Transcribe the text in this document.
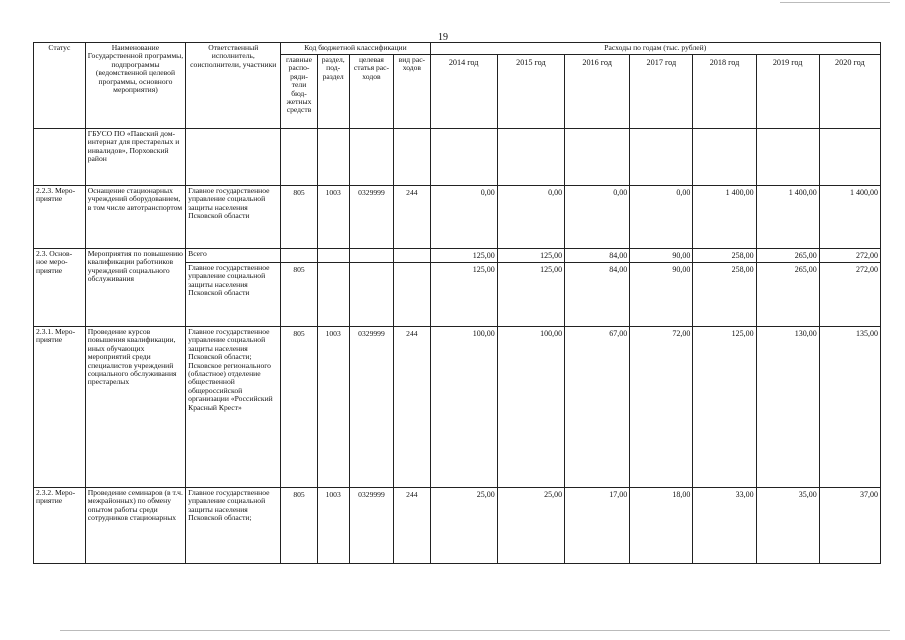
19
Статус	Наименование Государственной программы, подпрограммы (ведомственной целевой программы, основного мероприятия)	Ответственный исполнитель, соисполнители, участники	Код бюджетной классификации				Расходы по годам (тыс. рублей)						
			главные распо-ряди-тели бюд-жетных средств	раздел, под-раздел	целевая статья рас-ходов	вид рас-ходов	2014 год	2015 год	2016 год	2017 год	2018 год	2019 год	2020 год
	ГБУСО ПО «Павский дом-интернат для престарелых и инвалидов», Порховский район												
2.2.3. Меро-приятие	Оснащение стационарных учреждений оборудованием, в том числе автотранспортом	Главное государственное управление социальной защиты населения Псковской области	805	1003	0329999	244	0,00	0,00	0,00	0,00	1 400,00	1 400,00	1 400,00
2.3. Основ-ное меро-приятие	Мероприятия по повышению квалификации работников учреждений социального обслуживания	Всего					125,00	125,00	84,00	90,00	258,00	265,00	272,00
		Главное государственное управление социальной защиты населения Псковской области	805				125,00	125,00	84,00	90,00	258,00	265,00	272,00
2.3.1. Меро-приятие	Проведение курсов повышения квалификации, иных обучающих мероприятий среди специалистов учреждений социального обслуживания престарелых	Главное государственное управление социальной защиты населения Псковской области; Псковское регионального (областное) отделение общественной общероссийской организации «Российский Красный Крест»	805	1003	0329999	244	100,00	100,00	67,00	72,00	125,00	130,00	135,00
2.3.2. Меро-приятие	Проведение семинаров (в т.ч. межрайонных) по обмену опытом работы среди сотрудников стационарных	Главное государственное управление социальной защиты населения Псковской области;	805	1003	0329999	244	25,00	25,00	17,00	18,00	33,00	35,00	37,00
